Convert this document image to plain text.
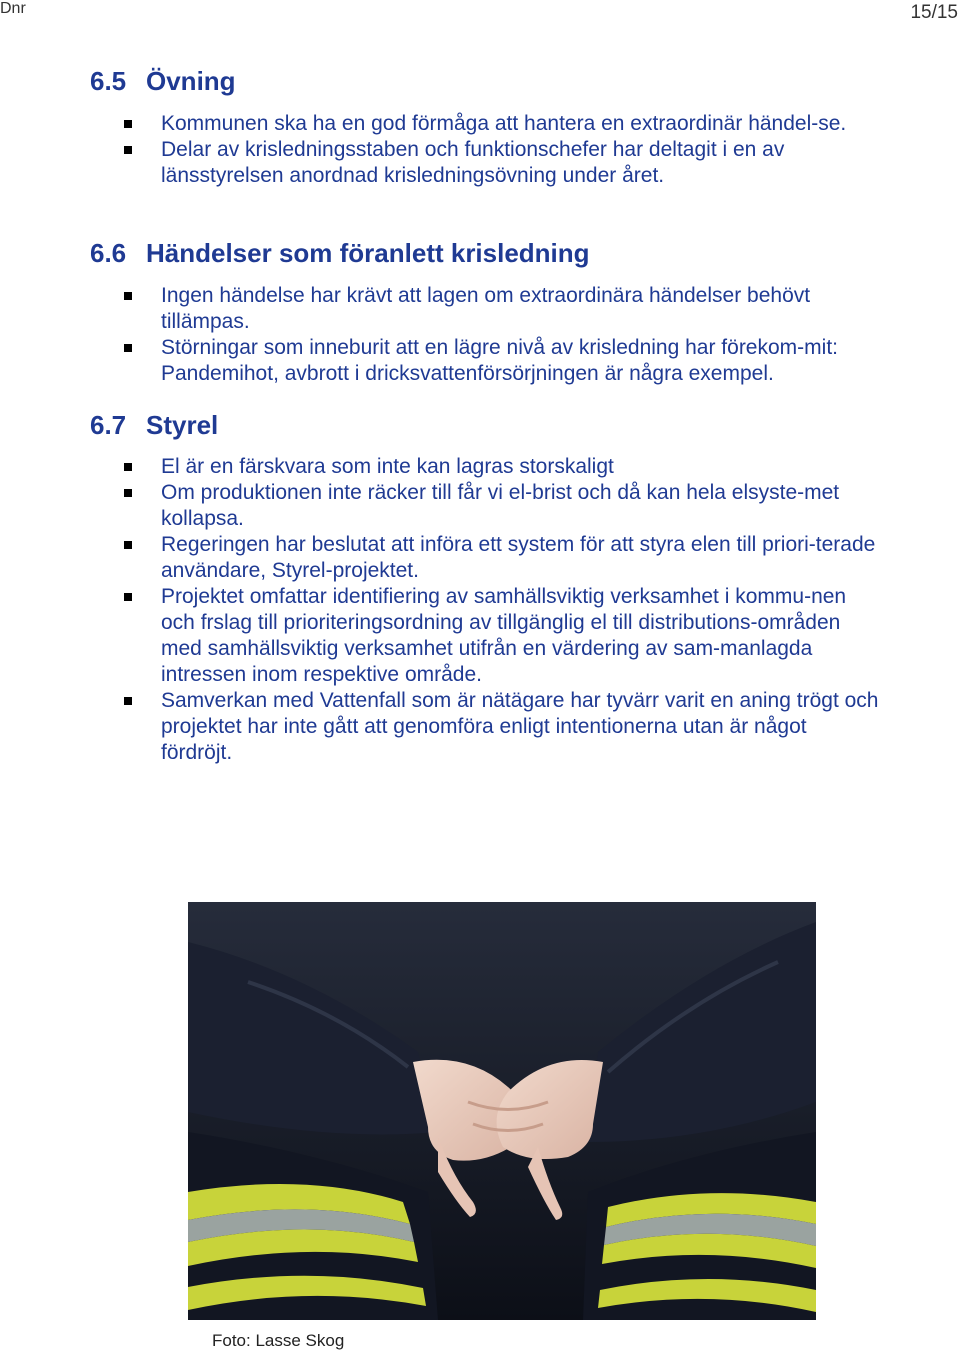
Dnr	15/15
6.5 Övning
Kommunen ska ha en god förmåga att hantera en extraordinär händel-se.
Delar av krisledningsstaben och funktionschefer har deltagit i en av länsstyrelsen anordnad krisledningsövning under året.
6.6 Händelser som föranlett krisledning
Ingen händelse har krävt att lagen om extraordinära händelser behövt tillämpas.
Störningar som inneburit att en lägre nivå av krisledning har förekom-mit: Pandemihot, avbrott i dricksvattenförsörjningen är några exempel.
6.7 Styrel
El är en färskvara som inte kan lagras storskaligt
Om produktionen inte räcker till får vi el-brist och då kan hela elsyste-met kollapsa.
Regeringen har beslutat att införa ett system för att styra elen till priori-terade användare, Styrel-projektet.
Projektet omfattar identifiering av samhällsviktig verksamhet i kommu-nen och frslag till prioriteringsordning av tillgänglig el till distributions-områden med samhällsviktig verksamhet utifrån en värdering av sam-manlagda intressen inom respektive område.
Samverkan med Vattenfall som är nätägare har tyvärr varit en aning trögt och projektet har inte gått att genomföra enligt intentionerna utan är något fördröjt.
Foto: Lasse Skog
